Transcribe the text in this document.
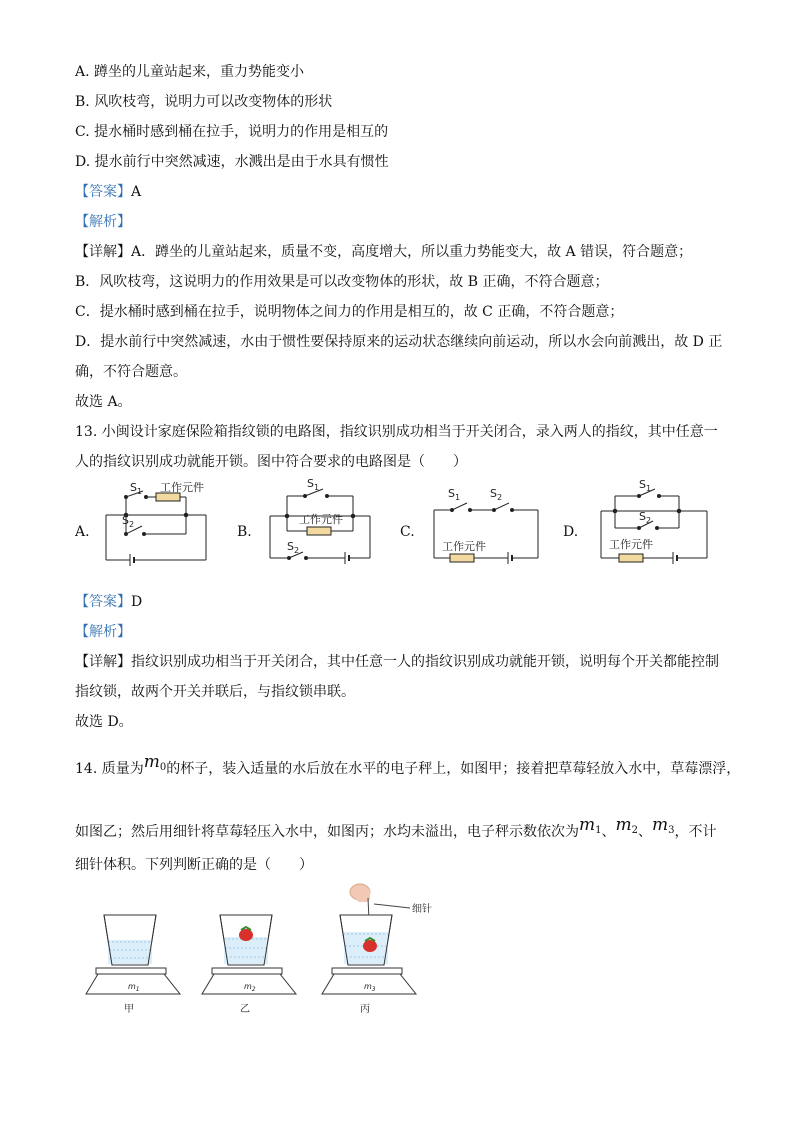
A. 蹲坐的儿童站起来，重力势能变小
B. 风吹枝弯，说明力可以改变物体的形状
C. 提水桶时感到桶在拉手，说明力的作用是相互的
D. 提水前行中突然减速，水溅出是由于水具有惯性
【答案】A
【解析】
【详解】A．蹲坐的儿童站起来，质量不变，高度增大，所以重力势能变大，故 A 错误，符合题意；
B．风吹枝弯，这说明力的作用效果是可以改变物体的形状，故 B 正确，不符合题意；
C．提水桶时感到桶在拉手，说明物体之间力的作用是相互的，故 C 正确，不符合题意；
D．提水前行中突然减速，水由于惯性要保持原来的运动状态继续向前运动，所以水会向前溅出，故 D 正
确，不符合题意。
故选 A。
13. 小闽设计家庭保险箱指纹锁的电路图，指纹识别成功相当于开关闭合，录入两人的指纹，其中任意一
人的指纹识别成功就能开锁。图中符合要求的电路图是（　　）
A.	B.	C.	D.
$S_1$ 工作元件
$S_2$
$S_1$
工作元件
$S_2$
$S_1$	$S_2$
工作元件
$S_1$
$S_2$
工作元件
【答案】D
【解析】
【详解】指纹识别成功相当于开关闭合，其中任意一人的指纹识别成功就能开锁，说明每个开关都能控制
指纹锁，故两个开关并联后，与指纹锁串联。
故选 D。
14. 质量为$m^0$的杯子，装入适量的水后放在水平的电子秤上，如图甲；接着把草莓轻放入水中，草莓漂浮，
如图乙；然后用细针将草莓轻压入水中，如图丙；水均未溢出，电子秤示数依次为$m^1$、$m^2$、$m^3$，不计
细针体积。下列判断正确的是（　　）
$m_1$
甲
$m_2$
乙
细针
$m_3$
丙
